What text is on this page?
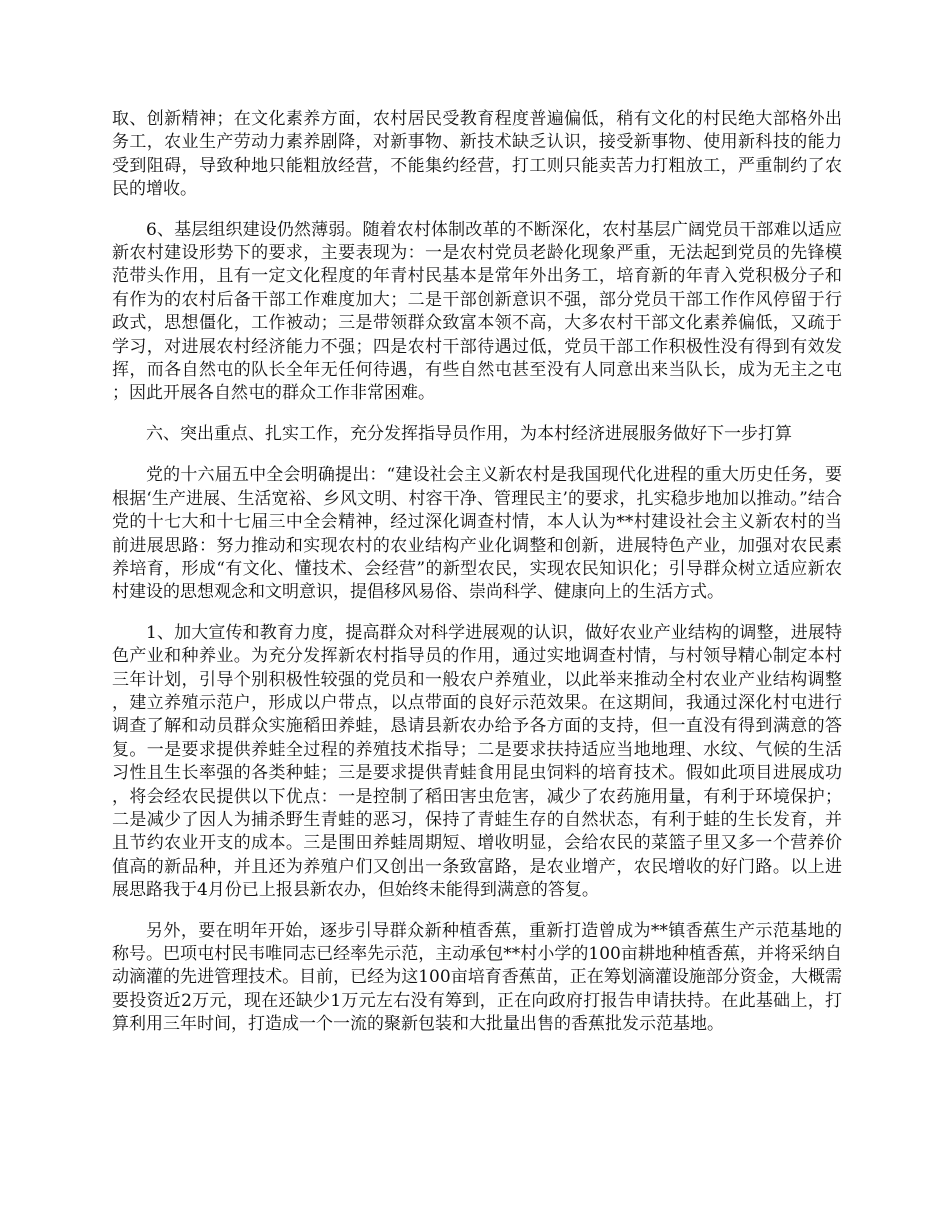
取、创新精神；在文化素养方面，农村居民受教育程度普遍偏低，稍有文化的村民绝大部格外出务工，农业生产劳动力素养剧降，对新事物、新技术缺乏认识，接受新事物、使用新科技的能力受到阻碍，导致种地只能粗放经营，不能集约经营，打工则只能卖苦力打粗放工，严重制约了农民的增收。

6、基层组织建设仍然薄弱。随着农村体制改革的不断深化，农村基层广阔党员干部难以适应新农村建设形势下的要求，主要表现为：一是农村党员老龄化现象严重，无法起到党员的先锋模范带头作用，且有一定文化程度的年青村民基本是常年外出务工，培育新的年青入党积极分子和有作为的农村后备干部工作难度加大；二是干部创新意识不强，部分党员干部工作作风停留于行政式，思想僵化，工作被动；三是带领群众致富本领不高，大多农村干部文化素养偏低，又疏于学习，对进展农村经济能力不强；四是农村干部待遇过低，党员干部工作积极性没有得到有效发挥，而各自然屯的队长全年无任何待遇，有些自然屯甚至没有人同意出来当队长，成为无主之屯；因此开展各自然屯的群众工作非常困难。

六、突出重点、扎实工作，充分发挥指导员作用，为本村经济进展服务做好下一步打算

党的十六届五中全会明确提出：“建设社会主义新农村是我国现代化进程的重大历史任务，要根据‘生产进展、生活宽裕、乡风文明、村容干净、管理民主’的要求，扎实稳步地加以推动。”结合党的十七大和十七届三中全会精神，经过深化调查村情，本人认为**村建设社会主义新农村的当前进展思路：努力推动和实现农村的农业结构产业化调整和创新，进展特色产业，加强对农民素养培育，形成“有文化、懂技术、会经营”的新型农民，实现农民知识化；引导群众树立适应新农村建设的思想观念和文明意识，提倡移风易俗、崇尚科学、健康向上的生活方式。

1、加大宣传和教育力度，提高群众对科学进展观的认识，做好农业产业结构的调整，进展特色产业和种养业。为充分发挥新农村指导员的作用，通过实地调查村情，与村领导精心制定本村三年计划，引导个别积极性较强的党员和一般农户养殖业，以此举来推动全村农业产业结构调整，建立养殖示范户，形成以户带点，以点带面的良好示范效果。在这期间，我通过深化村屯进行调查了解和动员群众实施稻田养蛙，恳请县新农办给予各方面的支持，但一直没有得到满意的答复。一是要求提供养蛙全过程的养殖技术指导；二是要求扶持适应当地地理、水纹、气候的生活习性且生长率强的各类种蛙；三是要求提供青蛙食用昆虫饲料的培育技术。假如此项目进展成功，将会经农民提供以下优点：一是控制了稻田害虫危害，减少了农药施用量，有利于环境保护；二是减少了因人为捕杀野生青蛙的恶习，保持了青蛙生存的自然状态，有利于蛙的生长发育，并且节约农业开支的成本。三是围田养蛙周期短、增收明显，会给农民的菜篮子里又多一个营养价值高的新品种，并且还为养殖户们又创出一条致富路，是农业增产，农民增收的好门路。以上进展思路我于4月份已上报县新农办，但始终未能得到满意的答复。

另外，要在明年开始，逐步引导群众新种植香蕉，重新打造曾成为**镇香蕉生产示范基地的称号。巴项屯村民韦唯同志已经率先示范，主动承包**村小学的100亩耕地种植香蕉，并将采纳自动滴灌的先进管理技术。目前，已经为这100亩培育香蕉苗，正在筹划滴灌设施部分资金，大概需要投资近2万元，现在还缺少1万元左右没有筹到，正在向政府打报告申请扶持。在此基础上，打算利用三年时间，打造成一个一流的聚新包装和大批量出售的香蕉批发示范基地。
